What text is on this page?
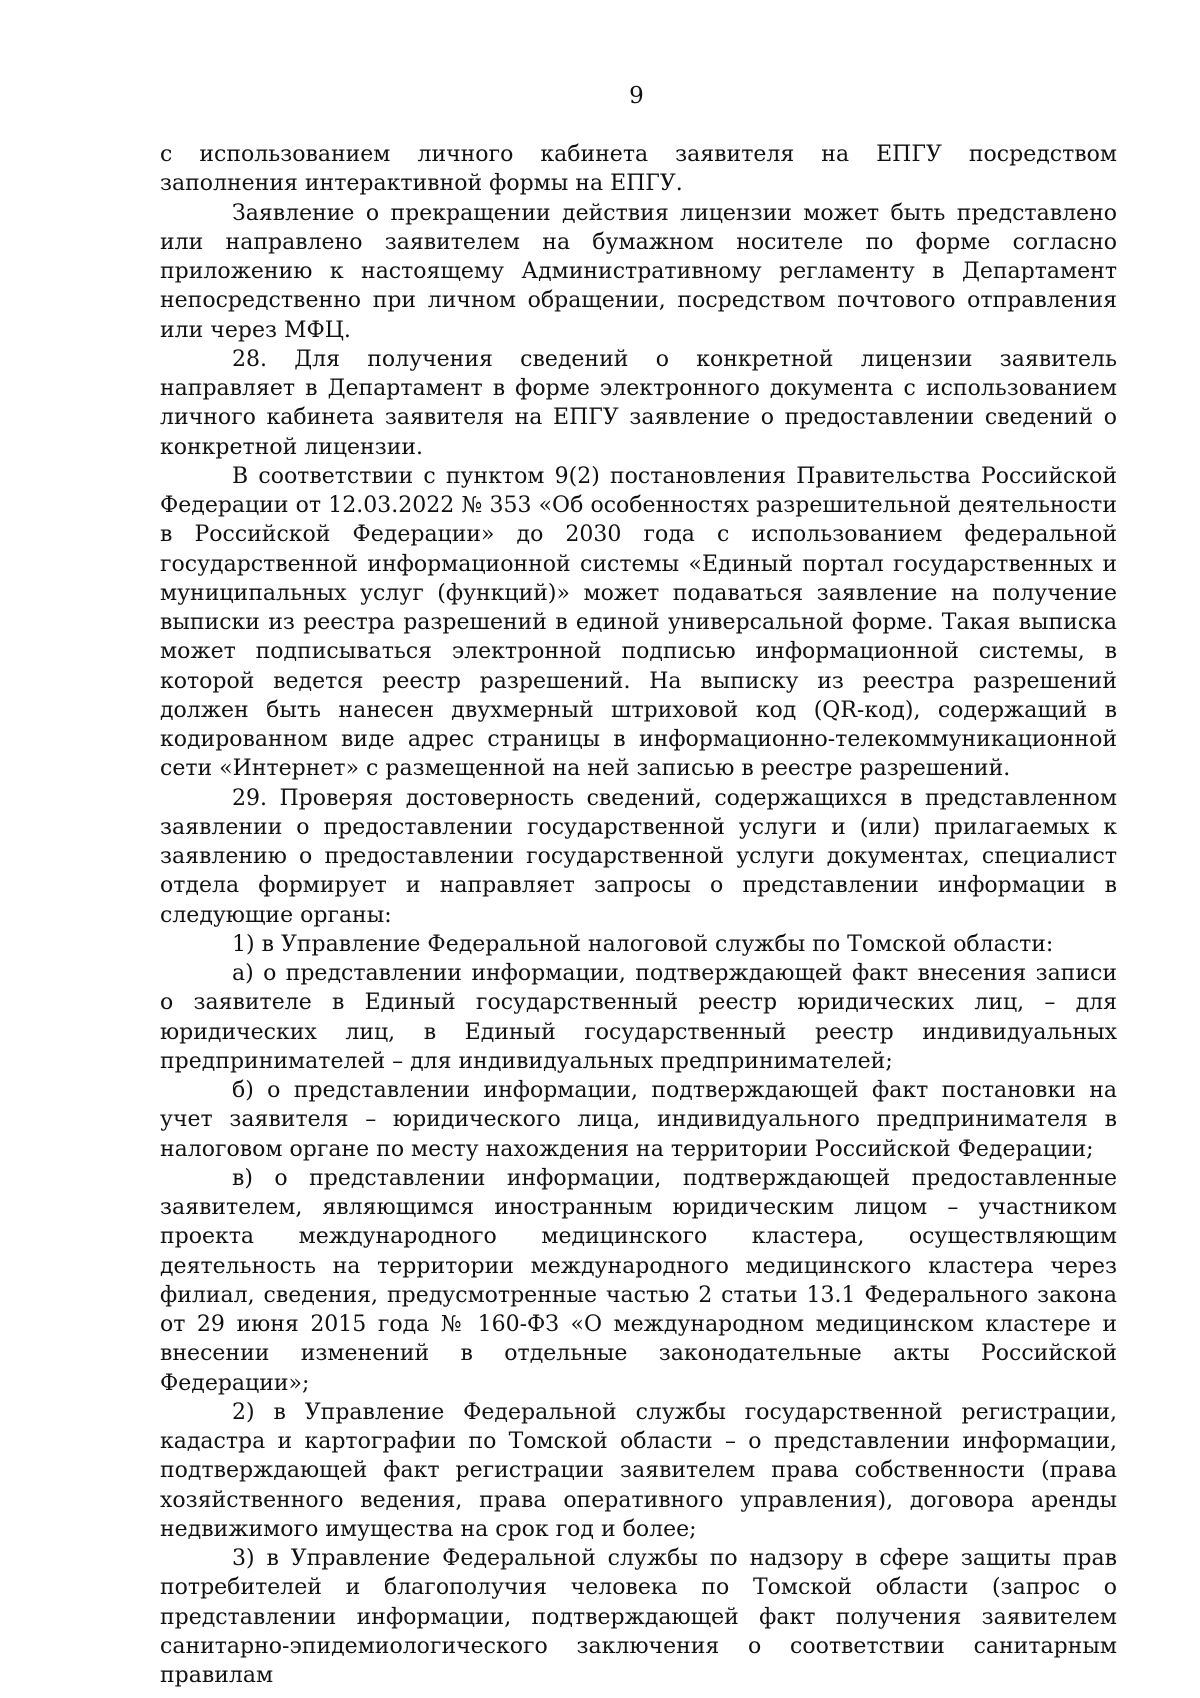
9

с использованием личного кабинета заявителя на ЕПГУ посредством заполнения интерактивной формы на ЕПГУ.

Заявление о прекращении действия лицензии может быть представлено или направлено заявителем на бумажном носителе по форме согласно приложению к настоящему Административному регламенту в Департамент непосредственно при личном обращении, посредством почтового отправления или через МФЦ.

28. Для получения сведений о конкретной лицензии заявитель направляет в Департамент в форме электронного документа с использованием личного кабинета заявителя на ЕПГУ заявление о предоставлении сведений о конкретной лицензии.

В соответствии с пунктом 9(2) постановления Правительства Российской Федерации от 12.03.2022 № 353 «Об особенностях разрешительной деятельности в Российской Федерации» до 2030 года с использованием федеральной государственной информационной системы «Единый портал государственных и муниципальных услуг (функций)» может подаваться заявление на получение выписки из реестра разрешений в единой универсальной форме. Такая выписка может подписываться электронной подписью информационной системы, в которой ведется реестр разрешений. На выписку из реестра разрешений должен быть нанесен двухмерный штриховой код (QR-код), содержащий в кодированном виде адрес страницы в информационно-телекоммуникационной сети «Интернет» с размещенной на ней записью в реестре разрешений.

29. Проверяя достоверность сведений, содержащихся в представленном заявлении о предоставлении государственной услуги и (или) прилагаемых к заявлению о предоставлении государственной услуги документах, специалист отдела формирует и направляет запросы о представлении информации в следующие органы:

1) в Управление Федеральной налоговой службы по Томской области:

а) о представлении информации, подтверждающей факт внесения записи о заявителе в Единый государственный реестр юридических лиц, – для юридических лиц, в Единый государственный реестр индивидуальных предпринимателей – для индивидуальных предпринимателей;

б) о представлении информации, подтверждающей факт постановки на учет заявителя – юридического лица, индивидуального предпринимателя в налоговом органе по месту нахождения на территории Российской Федерации;

в) о представлении информации, подтверждающей предоставленные заявителем, являющимся иностранным юридическим лицом – участником проекта международного медицинского кластера, осуществляющим деятельность на территории международного медицинского кластера через филиал, сведения, предусмотренные частью 2 статьи 13.1 Федерального закона от 29 июня 2015 года № 160-ФЗ «О международном медицинском кластере и внесении изменений в отдельные законодательные акты Российской Федерации»;

2) в Управление Федеральной службы государственной регистрации, кадастра и картографии по Томской области – о представлении информации, подтверждающей факт регистрации заявителем права собственности (права хозяйственного ведения, права оперативного управления), договора аренды недвижимого имущества на срок год и более;

3) в Управление Федеральной службы по надзору в сфере защиты прав потребителей и благополучия человека по Томской области (запрос о представлении информации, подтверждающей факт получения заявителем санитарно-эпидемиологического заключения о соответствии санитарным правилам
